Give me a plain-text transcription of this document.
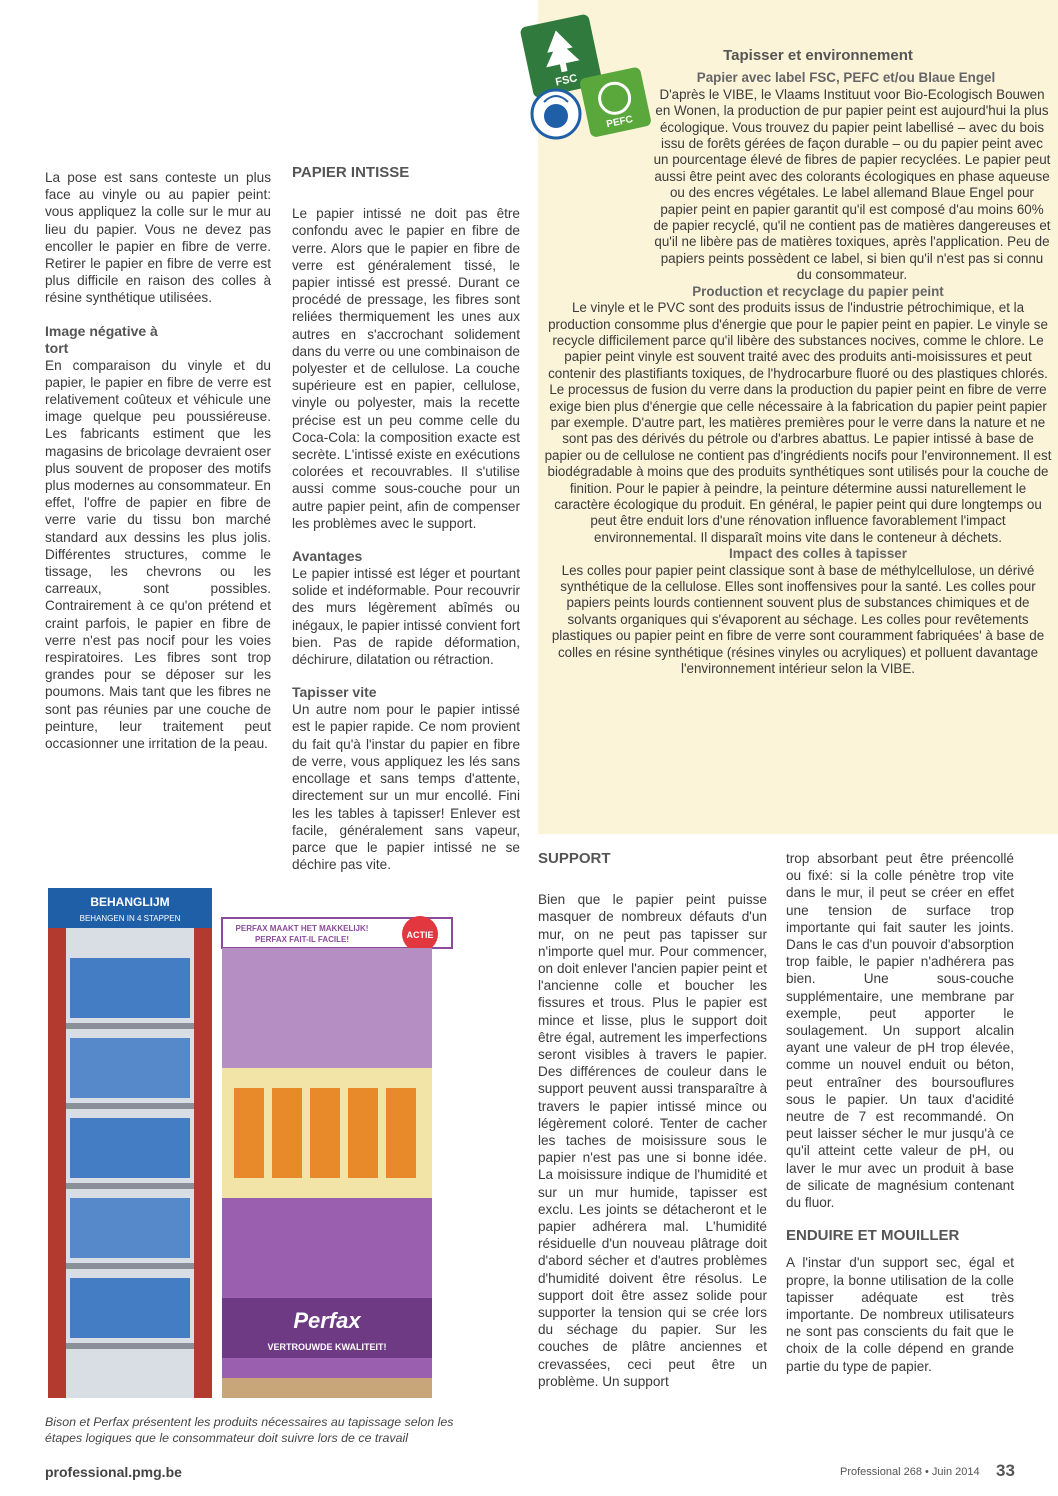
La pose est sans conteste un plus face au vinyle ou au papier peint: vous appliquez la colle sur le mur au lieu du papier. Vous ne devez pas encoller le papier en fibre de verre. Retirer le papier en fibre de verre est plus difficile en raison des colles à résine synthétique utilisées.

Image négative à tort

En comparaison du vinyle et du papier, le papier en fibre de verre est relativement coûteux et véhicule une image quelque peu poussiéreuse. Les fabricants estiment que les magasins de bricolage devraient oser plus souvent de proposer des motifs plus modernes au consommateur. En effet, l'offre de papier en fibre de verre varie du tissu bon marché standard aux dessins les plus jolis. Différentes structures, comme le tissage, les chevrons ou les carreaux, sont possibles. Contrairement à ce qu'on prétend et craint parfois, le papier en fibre de verre n'est pas nocif pour les voies respiratoires. Les fibres sont trop grandes pour se déposer sur les poumons. Mais tant que les fibres ne sont pas réunies par une couche de peinture, leur traitement peut occasionner une irritation de la peau.

PAPIER INTISSE

Le papier intissé ne doit pas être confondu avec le papier en fibre de verre. Alors que le papier en fibre de verre est généralement tissé, le papier intissé est pressé. Durant ce procédé de pressage, les fibres sont reliées thermiquement les unes aux autres en s'accrochant solidement dans du verre ou une combinaison de polyester et de cellulose. La couche supérieure est en papier, cellulose, vinyle ou polyester, mais la recette précise est un peu comme celle du Coca-Cola: la composition exacte est secrète. L'intissé existe en exécutions colorées et recouvrables. Il s'utilise aussi comme sous-couche pour un autre papier peint, afin de compenser les problèmes avec le support.

Avantages

Le papier intissé est léger et pourtant solide et indéformable. Pour recouvrir des murs légèrement abîmés ou inégaux, le papier intissé convient fort bien. Pas de rapide déformation, déchirure, dilatation ou rétraction.

Tapisser vite

Un autre nom pour le papier intissé est le papier rapide. Ce nom provient du fait qu'à l'instar du papier en fibre de verre, vous appliquez les lés sans encollage et sans temps d'attente, directement sur un mur encollé. Fini les les tables à tapisser! Enlever est facile, généralement sans vapeur, parce que le papier intissé ne se déchire pas vite.

FSC
PEFC
Tapisser et environnement
Papier avec label FSC, PEFC et/ou Blaue Engel

D'après le VIBE, le Vlaams Instituut voor Bio-Ecologisch Bouwen en Wonen, la production de pur papier peint est aujourd'hui la plus écologique. Vous trouvez du papier peint labellisé – avec du bois issu de forêts gérées de façon durable – ou du papier peint avec un pourcentage élevé de fibres de papier recyclées. Le papier peut aussi être peint avec des colorants écologiques en phase aqueuse ou des encres végétales. Le label allemand Blaue Engel pour papier peint en papier garantit qu'il est composé d'au moins 60% de papier recyclé, qu'il ne contient pas de matières dangereuses et qu'il ne libère pas de matières toxiques, après l'application. Peu de papiers peints possèdent ce label, si bien qu'il n'est pas si connu du consommateur.

Production et recyclage du papier peint

Le vinyle et le PVC sont des produits issus de l'industrie pétrochimique, et la production consomme plus d'énergie que pour le papier peint en papier. Le vinyle se recycle difficilement parce qu'il libère des substances nocives, comme le chlore. Le papier peint vinyle est souvent traité avec des produits anti-moisissures et peut contenir des plastifiants toxiques, de l'hydrocarbure fluoré ou des plastiques chlorés. Le processus de fusion du verre dans la production du papier peint en fibre de verre exige bien plus d'énergie que celle nécessaire à la fabrication du papier peint papier par exemple. D'autre part, les matières premières pour le verre dans la nature et ne sont pas des dérivés du pétrole ou d'arbres abattus. Le papier intissé à base de papier ou de cellulose ne contient pas d'ingrédients nocifs pour l'environnement. Il est biodégradable à moins que des produits synthétiques sont utilisés pour la couche de finition. Pour le papier à peindre, la peinture détermine aussi naturellement le caractère écologique du produit. En général, le papier peint qui dure longtemps ou peut être enduit lors d'une rénovation influence favorablement l'impact environnemental. Il disparaît moins vite dans le conteneur à déchets.

Impact des colles à tapisser

Les colles pour papier peint classique sont à base de méthylcellulose, un dérivé synthétique de la cellulose. Elles sont inoffensives pour la santé. Les colles pour papiers peints lourds contiennent souvent plus de substances chimiques et de solvants organiques qui s'évaporent au séchage. Les colles pour revêtements plastiques ou papier peint en fibre de verre sont couramment fabriquées' à base de colles en résine synthétique (résines vinyles ou acryliques) et polluent davantage l'environnement intérieur selon la VIBE.

SUPPORT

Bien que le papier peint puisse masquer de nombreux défauts d'un mur, on ne peut pas tapisser sur n'importe quel mur. Pour commencer, on doit enlever l'ancien papier peint et l'ancienne colle et boucher les fissures et trous. Plus le papier est mince et lisse, plus le support doit être égal, autrement les imperfections seront visibles à travers le papier. Des différences de couleur dans le support peuvent aussi transparaître à travers le papier intissé mince ou légèrement coloré. Tenter de cacher les taches de moisissure sous le papier n'est pas une si bonne idée. La moisissure indique de l'humidité et sur un mur humide, tapisser est exclu. Les joints se détacheront et le papier adhérera mal. L'humidité résiduelle d'un nouveau plâtrage doit d'abord sécher et d'autres problèmes d'humidité doivent être résolus. Le support doit être assez solide pour supporter la tension qui se crée lors du séchage du papier. Sur les couches de plâtre anciennes et crevassées, ceci peut être un problème. Un support

trop absorbant peut être préencollé ou fixé: si la colle pénètre trop vite dans le mur, il peut se créer en effet une tension de surface trop importante qui fait sauter les joints. Dans le cas d'un pouvoir d'absorption trop faible, le papier n'adhérera pas bien. Une sous-couche supplémentaire, une membrane par exemple, peut apporter le soulagement. Un support alcalin ayant une valeur de pH trop élevée, comme un nouvel enduit ou béton, peut entraîner des boursouflures sous le papier. Un taux d'acidité neutre de 7 est recommandé. On peut laisser sécher le mur jusqu'à ce qu'il atteint cette valeur de pH, ou laver le mur avec un produit à base de silicate de magnésium contenant du fluor.

ENDUIRE ET MOUILLER

A l'instar d'un support sec, égal et propre, la bonne utilisation de la colle tapisser adéquate est très importante. De nombreux utilisateurs ne sont pas conscients du fait que le choix de la colle dépend en grande partie du type de papier.

BEHANGLIJM
BEHANGEN IN 4 STAPPEN
PERFAX MAAKT HET MAKKELIJK!
PERFAX FAIT-IL FACILE!	ACTIE
Perfax
VERTROUWDE KWALITEIT!
Bison et Perfax présentent les produits nécessaires au tapissage selon les étapes logiques que le consommateur doit suivre lors de ce travail
professional.pmg.be	Professional 268 • Juin 2014 33
